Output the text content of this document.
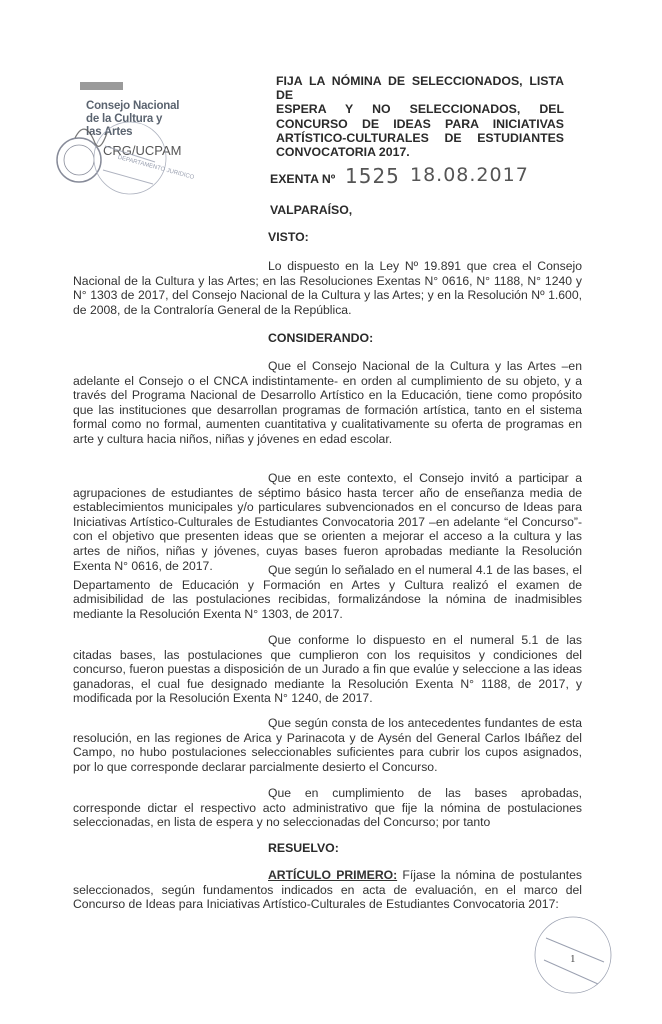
Consejo Nacional
de la Cultura y
las Artes
CRG/UCPAM
DEPARTAMENTO JURIDICO
FIJA LA NÓMINA DE SELECCIONADOS, LISTA DE
ESPERA Y NO SELECCIONADOS, DEL
CONCURSO DE IDEAS PARA INICIATIVAS
ARTÍSTICO-CULTURALES DE ESTUDIANTES
CONVOCATORIA 2017.
EXENTA Nº 1525 18.08.2017
VALPARAÍSO,
VISTO:
Lo dispuesto en la Ley Nº 19.891 que crea el Consejo Nacional de la Cultura y las Artes; en las Resoluciones Exentas N° 0616, N° 1188, N° 1240 y N° 1303 de 2017, del Consejo Nacional de la Cultura y las Artes; y en la Resolución Nº 1.600, de 2008, de la Contraloría General de la República.
CONSIDERANDO:
Que el Consejo Nacional de la Cultura y las Artes –en adelante el Consejo o el CNCA indistintamente- en orden al cumplimiento de su objeto, y a través del Programa Nacional de Desarrollo Artístico en la Educación, tiene como propósito que las instituciones que desarrollan programas de formación artística, tanto en el sistema formal como no formal, aumenten cuantitativa y cualitativamente su oferta de programas en arte y cultura hacia niños, niñas y jóvenes en edad escolar.
Que en este contexto, el Consejo invitó a participar a agrupaciones de estudiantes de séptimo básico hasta tercer año de enseñanza media de establecimientos municipales y/o particulares subvencionados en el concurso de Ideas para Iniciativas Artístico-Culturales de Estudiantes Convocatoria 2017 –en adelante “el Concurso”- con el objetivo que presenten ideas que se orienten a mejorar el acceso a la cultura y las artes de niños, niñas y jóvenes, cuyas bases fueron aprobadas mediante la Resolución Exenta N° 0616, de 2017.	Que según lo señalado en el numeral 4.1 de las bases, el Departamento de Educación y Formación en Artes y Cultura realizó el examen de admisibilidad de las postulaciones recibidas, formalizándose la nómina de inadmisibles mediante la Resolución Exenta N° 1303, de 2017.
Que conforme lo dispuesto en el numeral 5.1 de las citadas bases, las postulaciones que cumplieron con los requisitos y condiciones del concurso, fueron puestas a disposición de un Jurado a fin que evalúe y seleccione a las ideas ganadoras, el cual fue designado mediante la Resolución Exenta N° 1188, de 2017, y modificada por la Resolución Exenta N° 1240, de 2017.
Que según consta de los antecedentes fundantes de esta resolución, en las regiones de Arica y Parinacota y de Aysén del General Carlos Ibáñez del Campo, no hubo postulaciones seleccionables suficientes para cubrir los cupos asignados, por lo que corresponde declarar parcialmente desierto el Concurso.
Que en cumplimiento de las bases aprobadas, corresponde dictar el respectivo acto administrativo que fije la nómina de postulaciones seleccionadas, en lista de espera y no seleccionadas del Concurso; por tanto
RESUELVO:
ARTÍCULO PRIMERO: Fíjase la nómina de postulantes seleccionados, según fundamentos indicados en acta de evaluación, en el marco del Concurso de Ideas para Iniciativas Artístico-Culturales de Estudiantes Convocatoria 2017:
1
